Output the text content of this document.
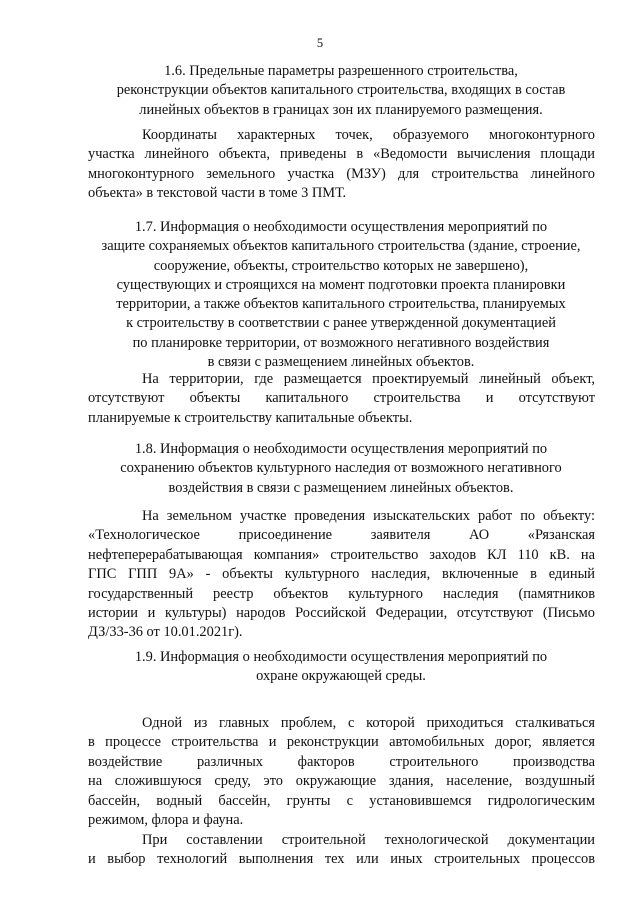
5
1.6. Предельные параметры разрешенного строительства,
реконструкции объектов капитального строительства, входящих в состав
линейных объектов в границах зон их планируемого размещения.
Координаты характерных точек, образуемого многоконтурного
участка линейного объекта, приведены в «Ведомости вычисления площади
многоконтурного земельного участка (МЗУ) для строительства линейного
объекта» в текстовой части в томе 3 ПМТ.
1.7. Информация о необходимости осуществления мероприятий по
защите сохраняемых объектов капитального строительства (здание, строение,
сооружение, объекты, строительство которых не завершено),
существующих и строящихся на момент подготовки проекта планировки
территории, а также объектов капитального строительства, планируемых
к строительству в соответствии с ранее утвержденной документацией
по планировке территории, от возможного негативного воздействия
в связи с размещением линейных объектов.
На территории, где размещается проектируемый линейный объект,
отсутствуют объекты капитального строительства и отсутствуют
планируемые к строительству капитальные объекты.
1.8. Информация о необходимости осуществления мероприятий по
сохранению объектов культурного наследия от возможного негативного
воздействия в связи с размещением линейных объектов.
На земельном участке проведения изыскательских работ по объекту:
«Технологическое присоединение заявителя АО «Рязанская
нефтеперерабатывающая компания» строительство заходов КЛ 110 кВ. на
ГПС ГПП 9А» - объекты культурного наследия, включенные в единый
государственный реестр объектов культурного наследия (памятников
истории и культуры) народов Российской Федерации, отсутствуют (Письмо
ДЗ/33-36 от 10.01.2021г).
1.9. Информация о необходимости осуществления мероприятий по
охране окружающей среды.
Одной из главных проблем, с которой приходиться сталкиваться
в процессе строительства и реконструкции автомобильных дорог, является
воздействие различных факторов строительного производства
на сложившуюся среду, это окружающие здания, население, воздушный
бассейн, водный бассейн, грунты с установившемся гидрологическим
режимом, флора и фауна.
При составлении строительной технологической документации
и выбор технологий выполнения тех или иных строительных процессов
